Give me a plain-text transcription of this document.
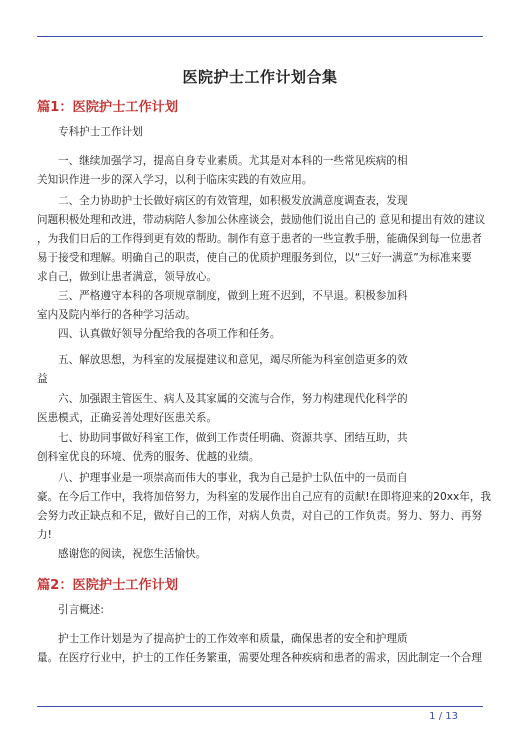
医院护士工作计划合集
篇1：医院护士工作计划
专科护士工作计划
一、继续加强学习，提高自身专业素质。尤其是对本科的一些常见疾病的相
关知识作进一步的深入学习，以利于临床实践的有效应用。
二、全力协助护士长做好病区的有效管理，如积极发放满意度调查表，发现
问题积极处理和改进，带动病陪人参加公休座谈会，鼓励他们说出自己的 意见和提出有效的建议
，为我们日后的工作得到更有效的帮助。制作有意于患者的一些宣教手册，能确保到每一位患者
易于接受和理解。明确自己的职责，使自己的优质护理服务到位，以“三好一满意”为标准来要
求自己，做到让患者满意，领导放心。
三、严格遵守本科的各项规章制度，做到上班不迟到，不早退。积极参加科
室内及院内举行的各种学习活动。
四、认真做好领导分配给我的各项工作和任务。
五、解放思想，为科室的发展提建议和意见，竭尽所能为科室创造更多的效
益
六、加强跟主管医生、病人及其家属的交流与合作，努力构建现代化科学的
医患模式，正确妥善处理好医患关系。
七、协助同事做好科室工作，做到工作责任明确、资源共享、团结互助，共
创科室优良的环境、优秀的服务、优越的业绩。
八、护理事业是一项崇高而伟大的事业，我为自己是护士队伍中的一员而自
豪。在今后工作中，我将加倍努力，为科室的发展作出自己应有的贡献!在即将迎来的20xx年，我
会努力改正缺点和不足，做好自己的工作，对病人负责，对自己的工作负责。努力、努力、再努
力!
感谢您的阅读，祝您生活愉快。
篇2：医院护士工作计划
引言概述:
护士工作计划是为了提高护士的工作效率和质量，确保患者的安全和护理质
量。在医疗行业中，护士的工作任务繁重，需要处理各种疾病和患者的需求，因此制定一个合理
1 / 13
